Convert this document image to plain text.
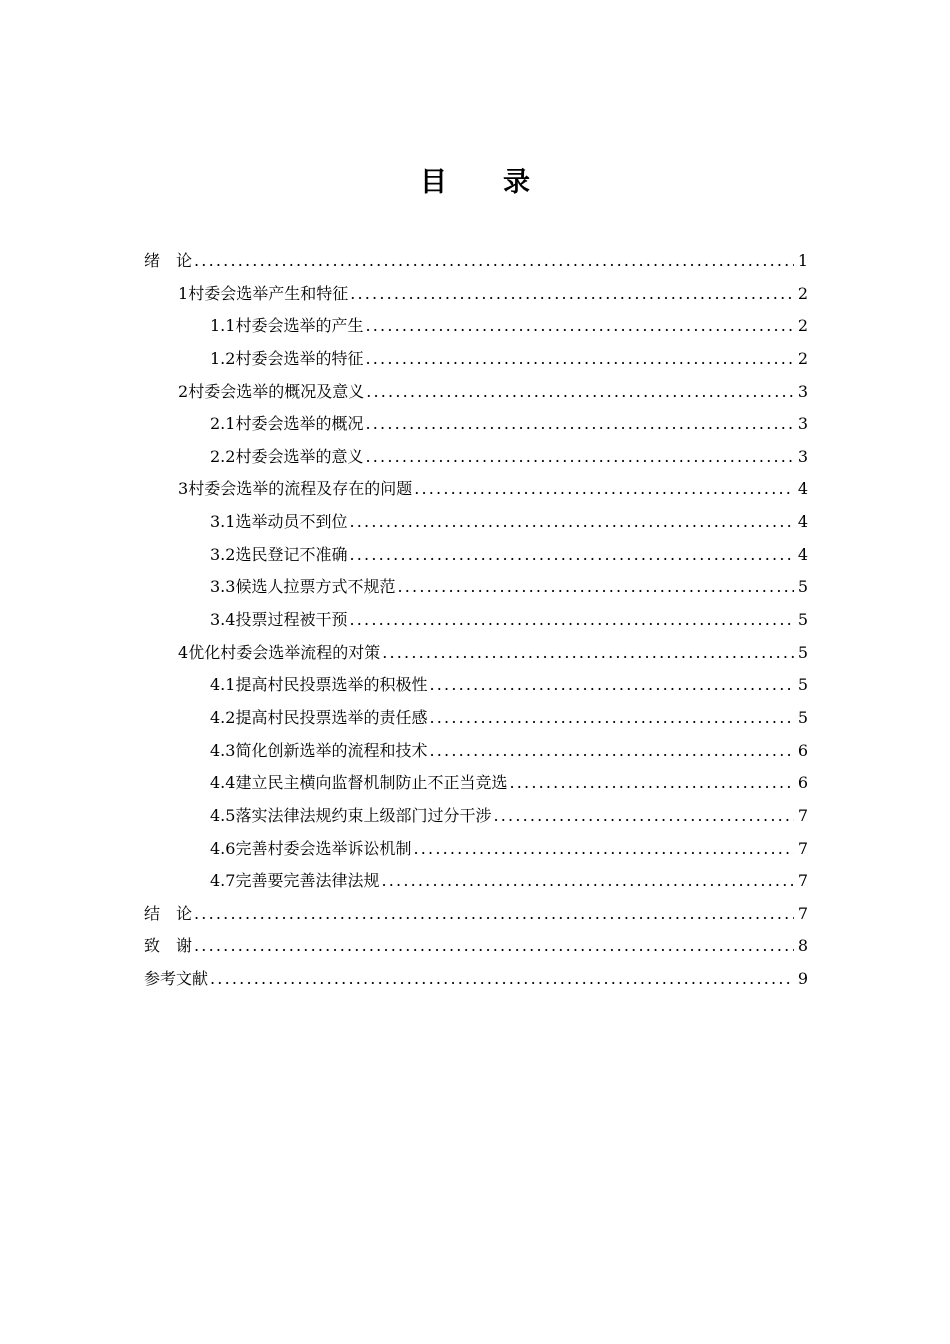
目录
绪　论 .....	1
1 村委会选举产生和特征 .....	2
1.1 村委会选举的产生 .....	2
1.2 村委会选举的特征 .....	2
2 村委会选举的概况及意义 .....	3
2.1 村委会选举的概况 .....	3
2.2 村委会选举的意义 .....	3
3 村委会选举的流程及存在的问题 .....	4
3.1 选举动员不到位 .....	4
3.2 选民登记不准确 .....	4
3.3 候选人拉票方式不规范 .....	5
3.4 投票过程被干预 .....	5
4 优化村委会选举流程的对策 .....	5
4.1 提高村民投票选举的积极性 .....	5
4.2 提高村民投票选举的责任感 .....	5
4.3 简化创新选举的流程和技术 .....	6
4.4 建立民主横向监督机制防止不正当竞选 .....	6
4.5 落实法律法规约束上级部门过分干涉 .....	7
4.6 完善村委会选举诉讼机制 .....	7
4.7 完善要完善法律法规 .....	7
结　论 .....	7
致　谢 .....	8
参考文献 .....	9
